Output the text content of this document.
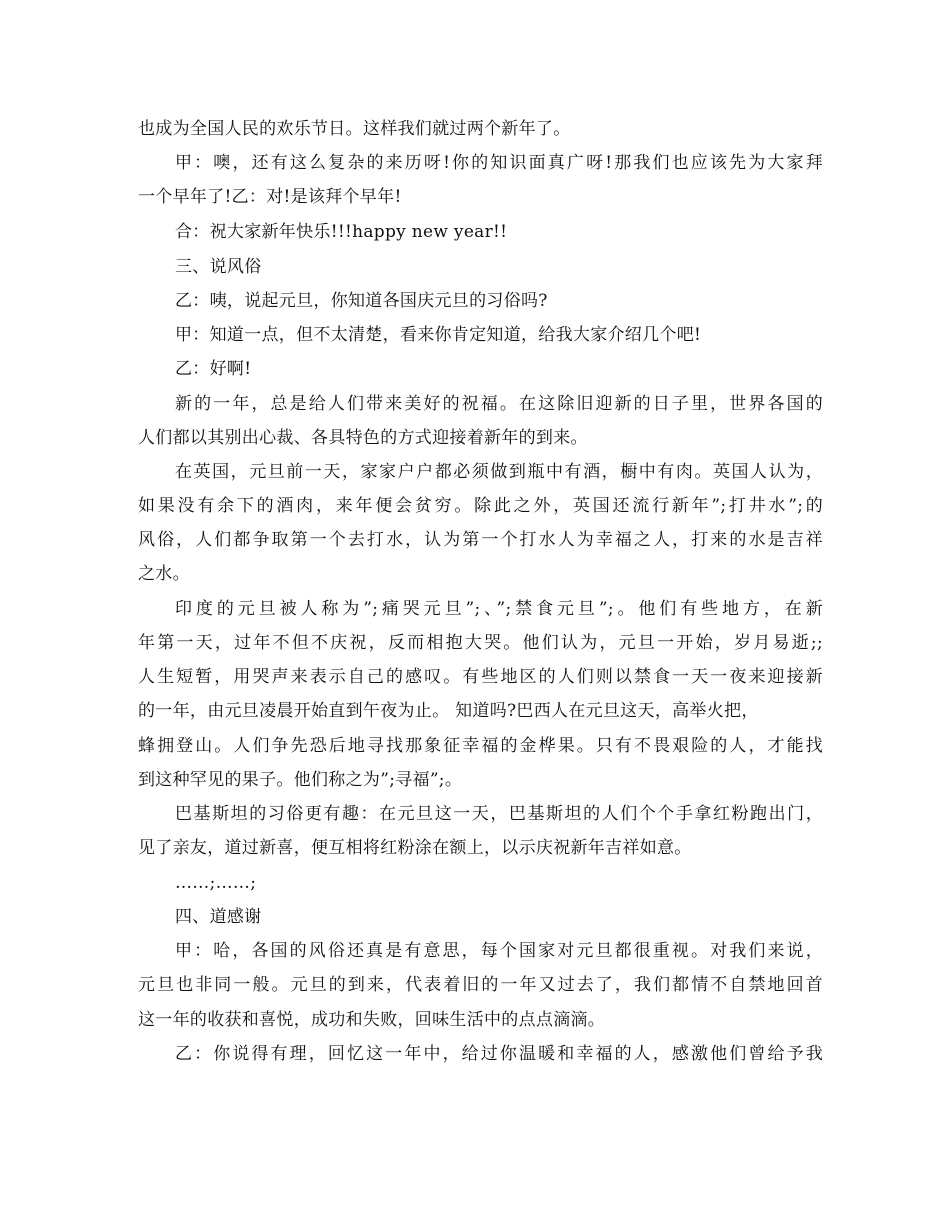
也成为全国人民的欢乐节日。这样我们就过两个新年了。
甲：噢，还有这么复杂的来历呀!你的知识面真广呀!那我们也应该先为大家拜
一个早年了!乙：对!是该拜个早年!
合：祝大家新年快乐!!!happy new year!!
三、说风俗
乙：咦，说起元旦，你知道各国庆元旦的习俗吗?
甲：知道一点，但不太清楚，看来你肯定知道，给我大家介绍几个吧!
乙：好啊!
新的一年，总是给人们带来美好的祝福。在这除旧迎新的日子里，世界各国的
人们都以其别出心裁、各具特色的方式迎接着新年的到来。
在英国，元旦前一天，家家户户都必须做到瓶中有酒，橱中有肉。英国人认为，
如果没有余下的酒肉，来年便会贫穷。除此之外，英国还流行新年”;打井水”;的
风俗，人们都争取第一个去打水，认为第一个打水人为幸福之人，打来的水是吉祥
之水。
印度的元旦被人称为”;痛哭元旦”;、”;禁食元旦”;。他们有些地方，在新
年第一天，过年不但不庆祝，反而相抱大哭。他们认为，元旦一开始，岁月易逝;;
人生短暂，用哭声来表示自己的感叹。有些地区的人们则以禁食一天一夜来迎接新
的一年，由元旦凌晨开始直到午夜为止。 知道吗?巴西人在元旦这天，高举火把，
蜂拥登山。人们争先恐后地寻找那象征幸福的金桦果。只有不畏艰险的人，才能找
到这种罕见的果子。他们称之为”;寻福”;。
巴基斯坦的习俗更有趣：在元旦这一天，巴基斯坦的人们个个手拿红粉跑出门，
见了亲友，道过新喜，便互相将红粉涂在额上，以示庆祝新年吉祥如意。
……;……;
四、道感谢
甲：哈，各国的风俗还真是有意思，每个国家对元旦都很重视。对我们来说，
元旦也非同一般。元旦的到来，代表着旧的一年又过去了，我们都情不自禁地回首
这一年的收获和喜悦，成功和失败，回味生活中的点点滴滴。
乙：你说得有理，回忆这一年中，给过你温暖和幸福的人，感激他们曾给予我
